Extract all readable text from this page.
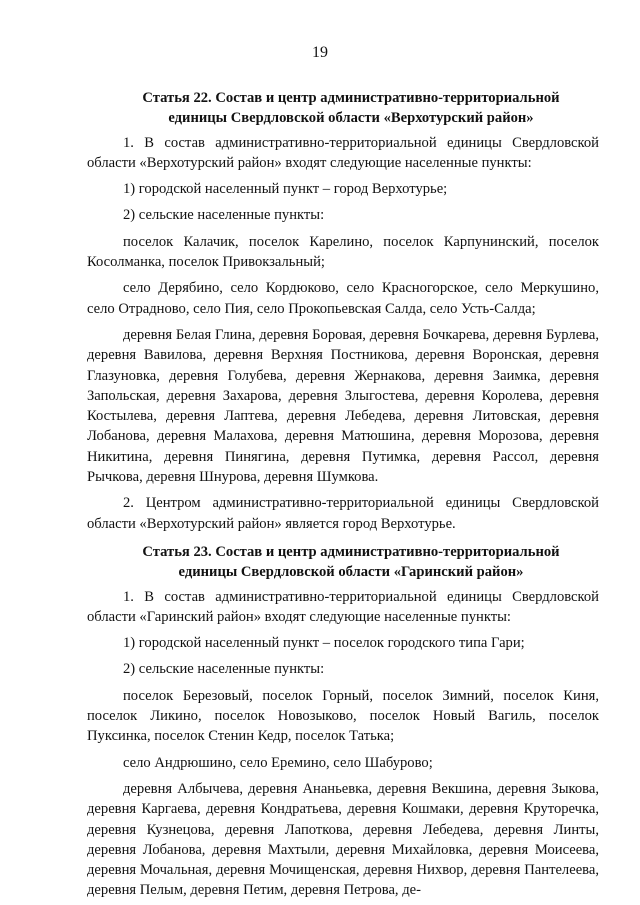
19
Статья 22. Состав и центр административно-территориальной
единицы Свердловской области «Верхотурский район»

1. В состав административно-территориальной единицы Свердловской области «Верхотурский район» входят следующие населенные пункты:

1) городской населенный пункт – город Верхотурье;

2) сельские населенные пункты:

поселок Калачик, поселок Карелино, поселок Карпунинский, поселок Косолманка, поселок Привокзальный;

село Дерябино, село Кордюково, село Красногорское, село Меркушино, село Отрадново, село Пия, село Прокопьевская Салда, село Усть-Салда;

деревня Белая Глина, деревня Боровая, деревня Бочкарева, деревня Бурлева, деревня Вавилова, деревня Верхняя Постникова, деревня Воронская, деревня Глазуновка, деревня Голубева, деревня Жернакова, деревня Заимка, деревня Запольская, деревня Захарова, деревня Злыгостева, деревня Королева, деревня Костылева, деревня Лаптева, деревня Лебедева, деревня Литовская, деревня Лобанова, деревня Малахова, деревня Матюшина, деревня Морозова, деревня Никитина, деревня Пинягина, деревня Путимка, деревня Рассол, деревня Рычкова, деревня Шнурова, деревня Шумкова.

2. Центром административно-территориальной единицы Свердловской области «Верхотурский район» является город Верхотурье.

Статья 23. Состав и центр административно-территориальной
единицы Свердловской области «Гаринский район»

1. В состав административно-территориальной единицы Свердловской области «Гаринский район» входят следующие населенные пункты:

1) городской населенный пункт – поселок городского типа Гари;

2) сельские населенные пункты:

поселок Березовый, поселок Горный, поселок Зимний, поселок Киня, поселок Ликино, поселок Новозыково, поселок Новый Вагиль, поселок Пуксинка, поселок Стенин Кедр, поселок Татька;

село Андрюшино, село Еремино, село Шабурово;

деревня Албычева, деревня Ананьевка, деревня Векшина, деревня Зыкова, деревня Каргаева, деревня Кондратьева, деревня Кошмаки, деревня Круторечка, деревня Кузнецова, деревня Лапоткова, деревня Лебедева, деревня Линты, деревня Лобанова, деревня Махтыли, деревня Михайловка, деревня Моисеева, деревня Мочальная, деревня Мочищенская, деревня Нихвор, деревня Пантелеева, деревня Пелым, деревня Петим, деревня Петрова, де-
